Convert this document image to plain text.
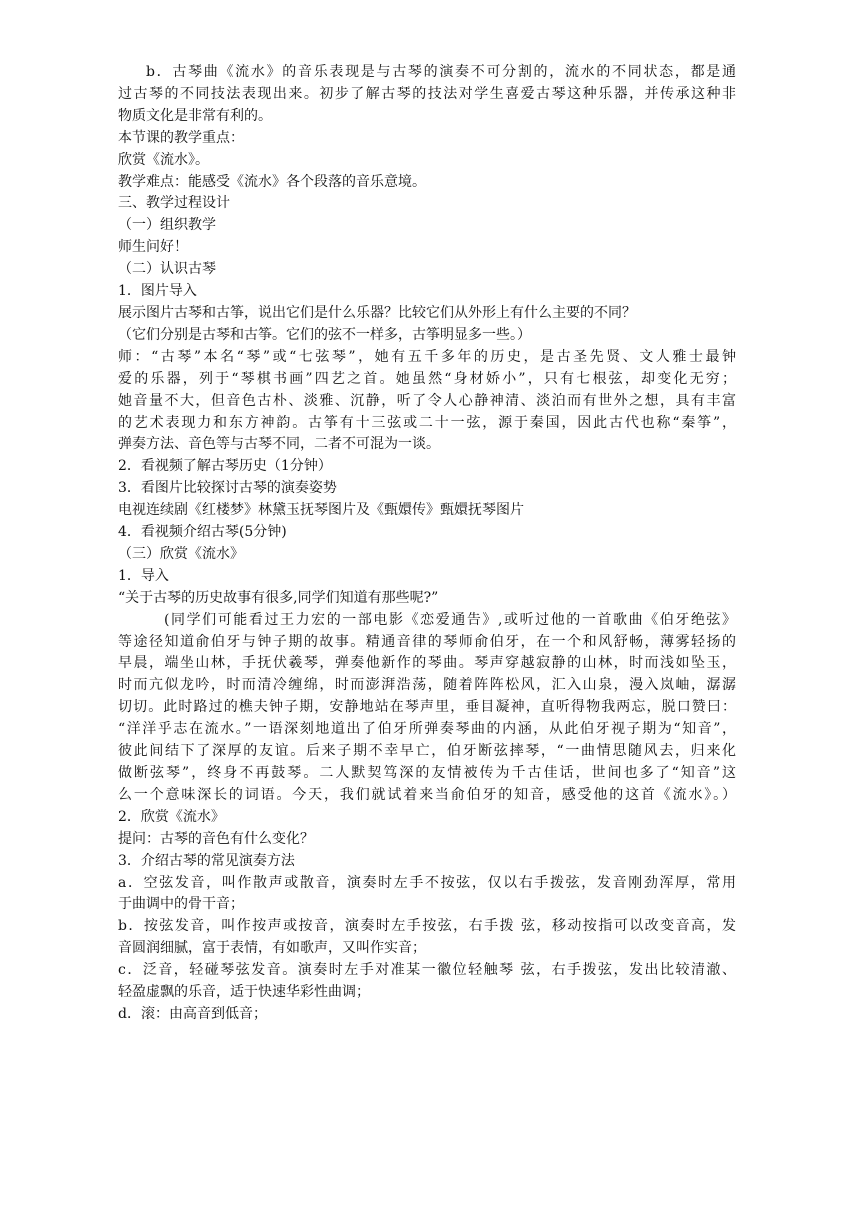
b．古琴曲《流水》的音乐表现是与古琴的演奏不可分割的，流水的不同状态，都是通

过古琴的不同技法表现出来。初步了解古琴的技法对学生喜爱古琴这种乐器，并传承这种非

物质文化是非常有利的。

本节课的教学重点：

欣赏《流水》。

教学难点：能感受《流水》各个段落的音乐意境。

三、教学过程设计

（一）组织教学

师生问好！

（二）认识古琴

1．图片导入

展示图片古琴和古筝，说出它们是什么乐器？比较它们从外形上有什么主要的不同？

（它们分别是古琴和古筝。它们的弦不一样多，古筝明显多一些。）

师：“古琴”本名“琴”或“七弦琴”，她有五千多年的历史，是古圣先贤、文人雅士最钟

爱的乐器，列于“琴棋书画”四艺之首。她虽然“身材娇小”，只有七根弦，却变化无穷；

她音量不大，但音色古朴、淡雅、沉静，听了令人心静神清、淡泊而有世外之想，具有丰富

的艺术表现力和东方神韵。古筝有十三弦或二十一弦，源于秦国，因此古代也称“秦筝”，

弹奏方法、音色等与古琴不同，二者不可混为一谈。

2．看视频了解古琴历史（1分钟）

3．看图片比较探讨古琴的演奏姿势

电视连续剧《红楼梦》林黛玉抚琴图片及《甄嬛传》甄嬛抚琴图片

4．看视频介绍古琴(5分钟)

（三）欣赏《流水》

1．导入

“关于古琴的历史故事有很多,同学们知道有那些呢?”

(同学们可能看过王力宏的一部电影《恋爱通告》,或听过他的一首歌曲《伯牙绝弦》

等途径知道俞伯牙与钟子期的故事。精通音律的琴师俞伯牙，在一个和风舒畅，薄雾轻扬的

早晨，端坐山林，手抚伏羲琴，弹奏他新作的琴曲。琴声穿越寂静的山林，时而浅如坠玉，

时而亢似龙吟，时而清冷缠绵，时而澎湃浩荡，随着阵阵松风，汇入山泉，漫入岚岫，潺潺

切切。此时路过的樵夫钟子期，安静地站在琴声里，垂目凝神，直听得物我两忘，脱口赞曰：

“洋洋乎志在流水。”一语深刻地道出了伯牙所弹奏琴曲的内涵，从此伯牙视子期为“知音”，

彼此间结下了深厚的友谊。后来子期不幸早亡，伯牙断弦摔琴，“一曲情思随风去，归来化

做断弦琴”，终身不再鼓琴。二人默契笃深的友情被传为千古佳话，世间也多了“知音”这

么一个意味深长的词语。今天，我们就试着来当俞伯牙的知音，感受他的这首《流水》。）

2．欣赏《流水》

提问：古琴的音色有什么变化？

3．介绍古琴的常见演奏方法

a．空弦发音，叫作散声或散音，演奏时左手不按弦，仅以右手拨弦，发音刚劲浑厚，常用

于曲调中的骨干音；

b．按弦发音，叫作按声或按音，演奏时左手按弦，右手拨 弦，移动按指可以改变音高，发

音圆润细腻，富于表情，有如歌声，又叫作实音；

c．泛音，轻碰琴弦发音。演奏时左手对准某一徽位轻触琴 弦，右手拨弦，发出比较清澈、

轻盈虚飘的乐音，适于快速华彩性曲调；

d．滚：由高音到低音；
